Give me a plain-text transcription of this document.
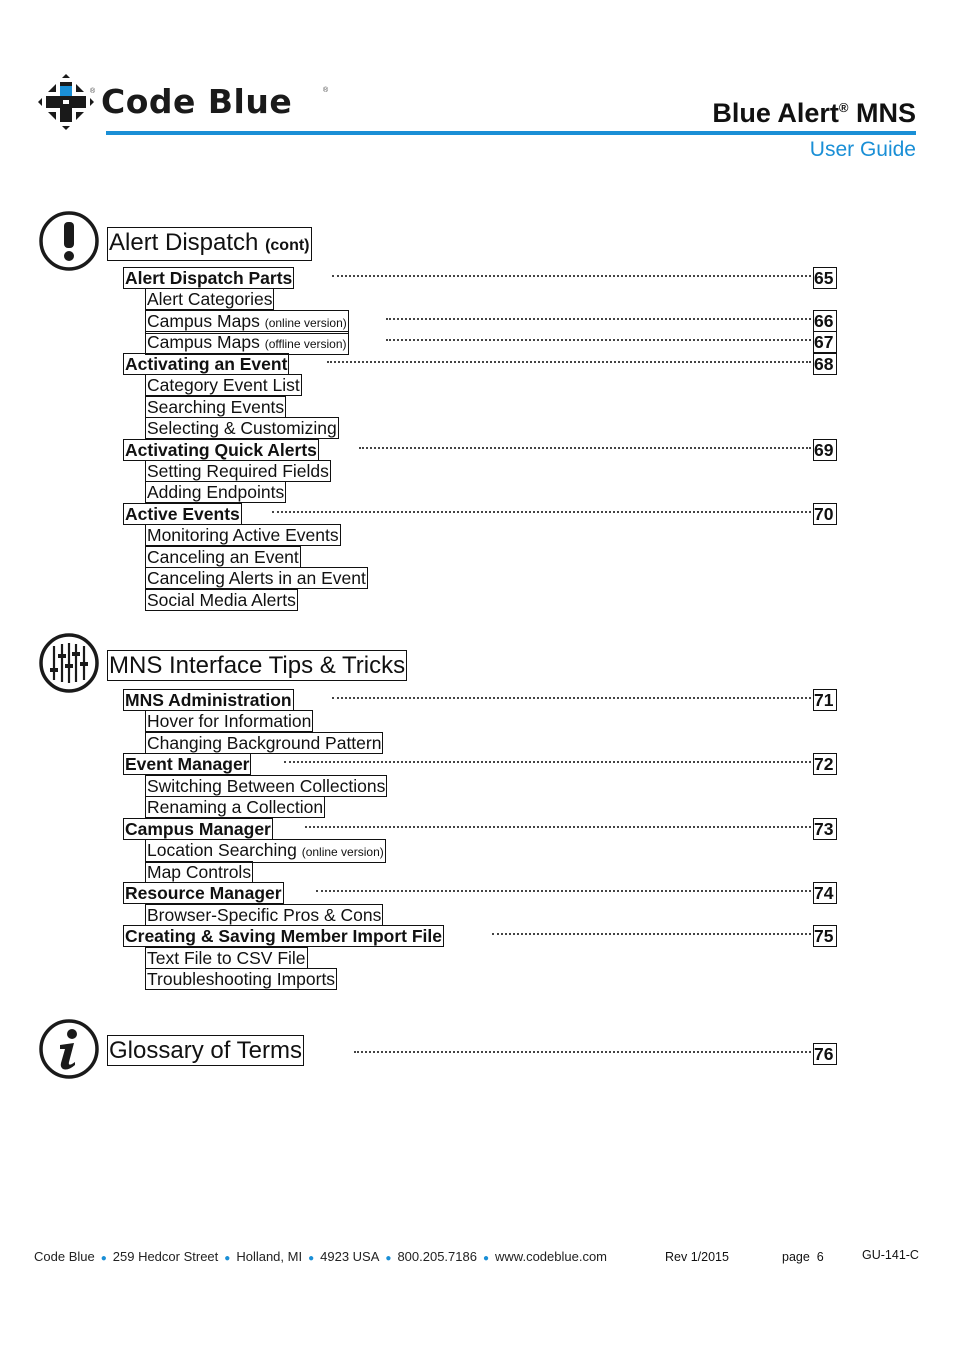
® Code Blue	®
Blue Alert® MNS
User Guide
Alert Dispatch (cont)
Alert Dispatch Parts	65
Alert Categories
Campus Maps (online version)	66
Campus Maps (offline version)	67
Activating an Event	68
Category Event List
Searching Events
Selecting & Customizing
Activating Quick Alerts	69
Setting Required Fields
Adding Endpoints
Active Events	70
Monitoring Active Events
Canceling an Event
Canceling Alerts in an Event
Social Media Alerts
MNS Interface Tips & Tricks
MNS Administration	71
Hover for Information
Changing Background Pattern
Event Manager	72
Switching Between Collections
Renaming a Collection
Campus Manager	73
Location Searching (online version)
Map Controls
Resource Manager	74
Browser-Specific Pros & Cons
Creating & Saving Member Import File	75
Text File to CSV File
Troubleshooting Imports
Glossary of Terms	76
Code Blue ● 259 Hedcor Street ● Holland, MI ● 4923 USA ● 800.205.7186 ● www.codeblue.com	Rev 1/2015	page 6	GU-141-C
